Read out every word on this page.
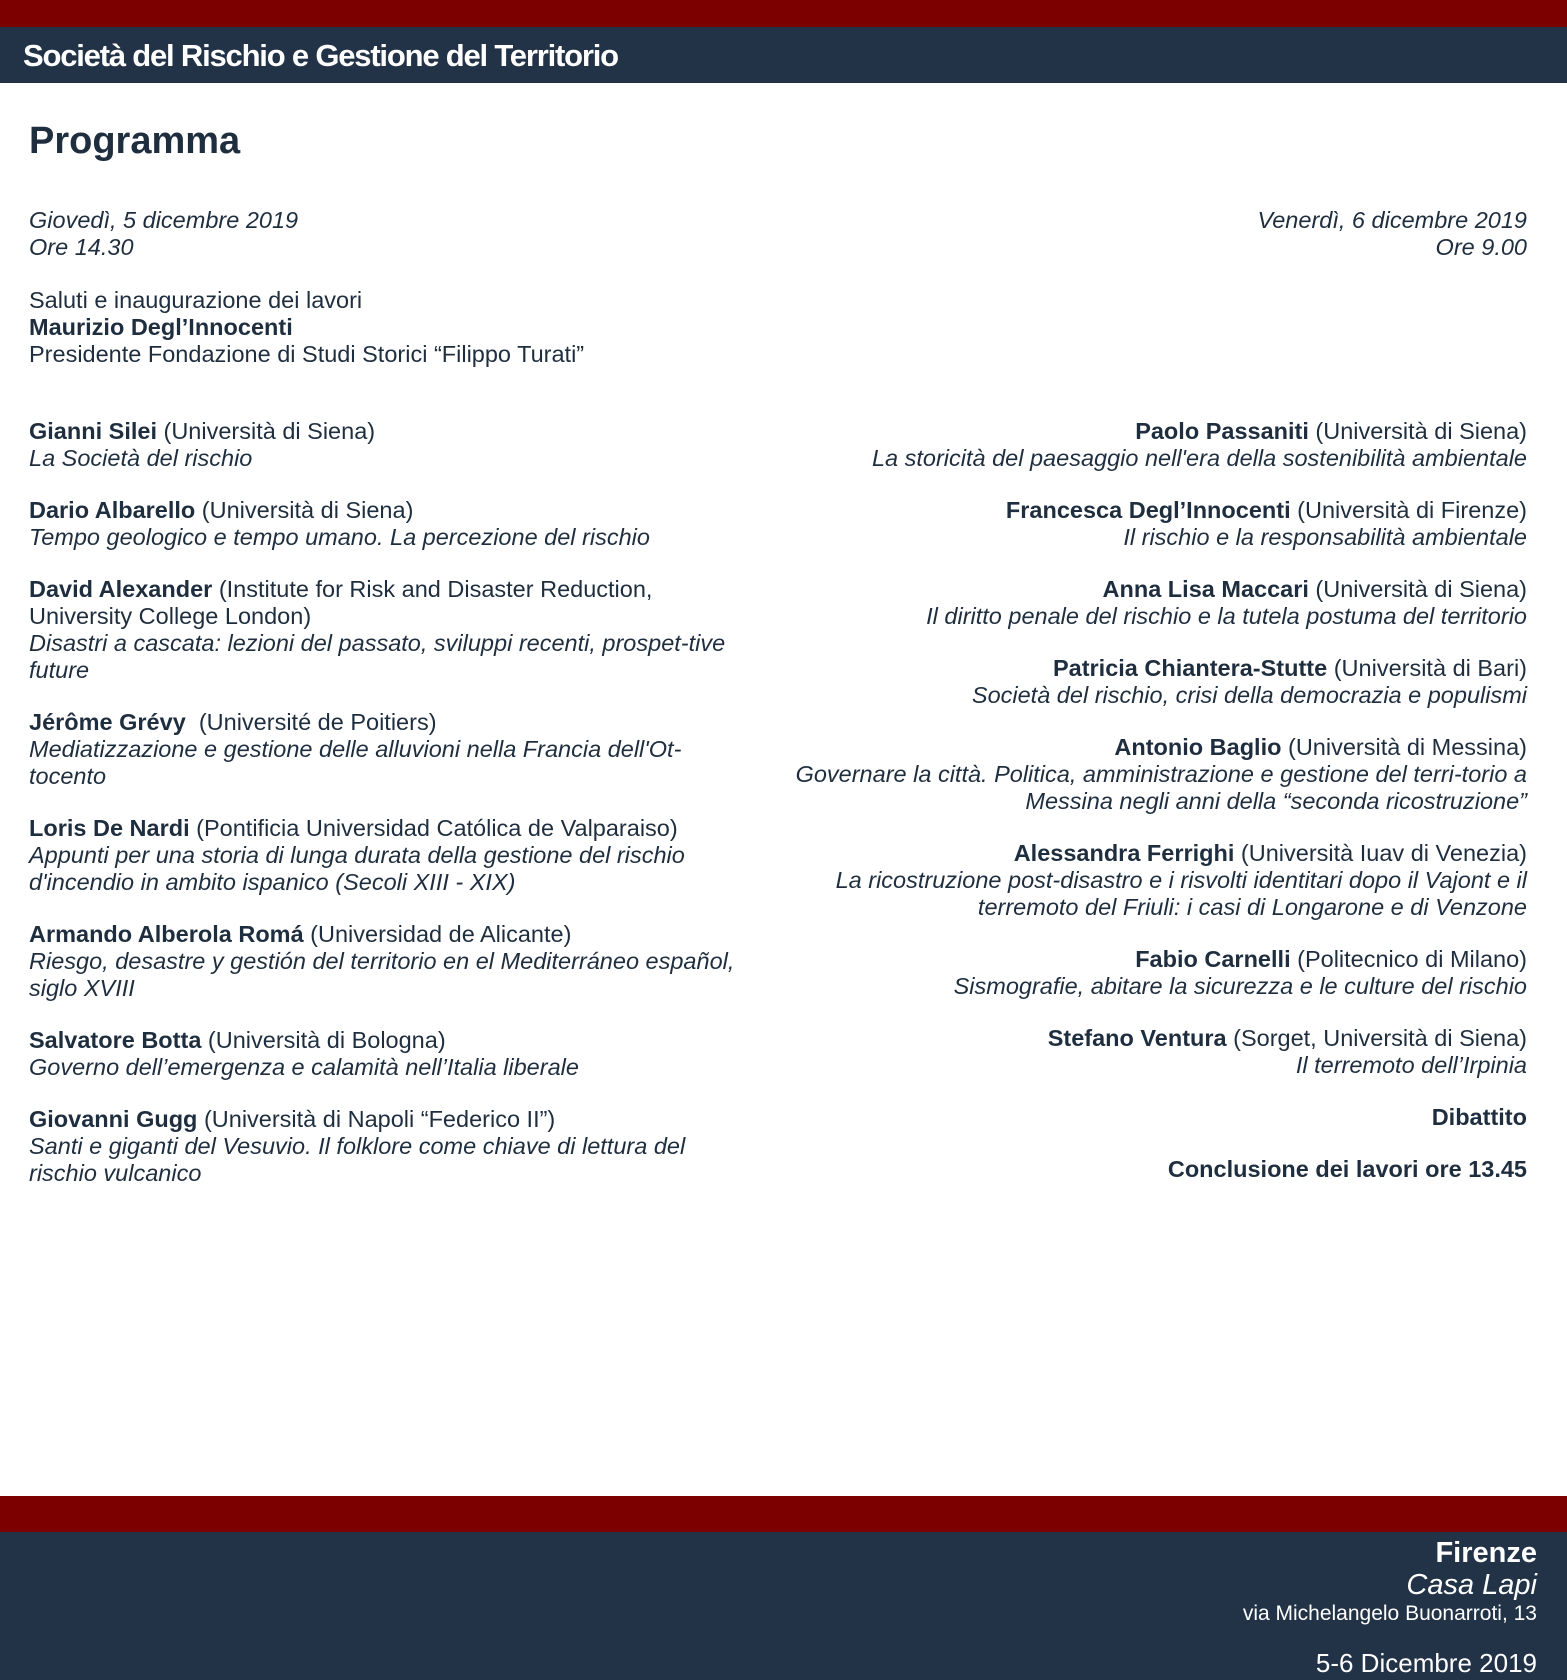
Società del Rischio e Gestione del Territorio
Programma
Giovedì, 5 dicembre 2019
Ore 14.30
Venerdì, 6 dicembre 2019
Ore 9.00
Saluti e inaugurazione dei lavori
Maurizio Degl’Innocenti
Presidente Fondazione di Studi Storici “Filippo Turati”

Gianni Silei (Università di Siena)

La Società del rischio

Dario Albarello (Università di Siena)

Tempo geologico e tempo umano. La percezione del rischio

David Alexander (Institute for Risk and Disaster Reduction, University College London)

Disastri a cascata: lezioni del passato, sviluppi recenti, prospet-tive future

Jérôme Grévy  (Université de Poitiers)

Mediatizzazione e gestione delle alluvioni nella Francia dell'Ot-tocento

Loris De Nardi (Pontificia Universidad Católica de Valparaiso)

Appunti per una storia di lunga durata della gestione del rischio d'incendio in ambito ispanico (Secoli XIII - XIX)

Armando Alberola Romá (Universidad de Alicante)

Riesgo, desastre y gestión del territorio en el Mediterráneo español, siglo XVIII

Salvatore Botta (Università di Bologna)

Governo dell’emergenza e calamità nell’Italia liberale

Giovanni Gugg (Università di Napoli “Federico II”)

Santi e giganti del Vesuvio. Il folklore come chiave di lettura del rischio vulcanico

Paolo Passaniti (Università di Siena)

La storicità del paesaggio nell'era della sostenibilità ambientale

Francesca Degl’Innocenti (Università di Firenze)

Il rischio e la responsabilità ambientale

Anna Lisa Maccari (Università di Siena)

Il diritto penale del rischio e la tutela postuma del territorio

Patricia Chiantera-Stutte (Università di Bari)

Società del rischio, crisi della democrazia e populismi

Antonio Baglio (Università di Messina)

Governare la città. Politica, amministrazione e gestione del terri-torio a Messina negli anni della “seconda ricostruzione”

Alessandra Ferrighi (Università Iuav di Venezia)

La ricostruzione post-disastro e i risvolti identitari dopo il Vajont e il terremoto del Friuli: i casi di Longarone e di Venzone

Fabio Carnelli (Politecnico di Milano)

Sismografie, abitare la sicurezza e le culture del rischio

Stefano Ventura (Sorget, Università di Siena)

Il terremoto dell’Irpinia

Dibattito

Conclusione dei lavori ore 13.45

Firenze
Casa Lapi
via Michelangelo Buonarroti, 13
5-6 Dicembre 2019
